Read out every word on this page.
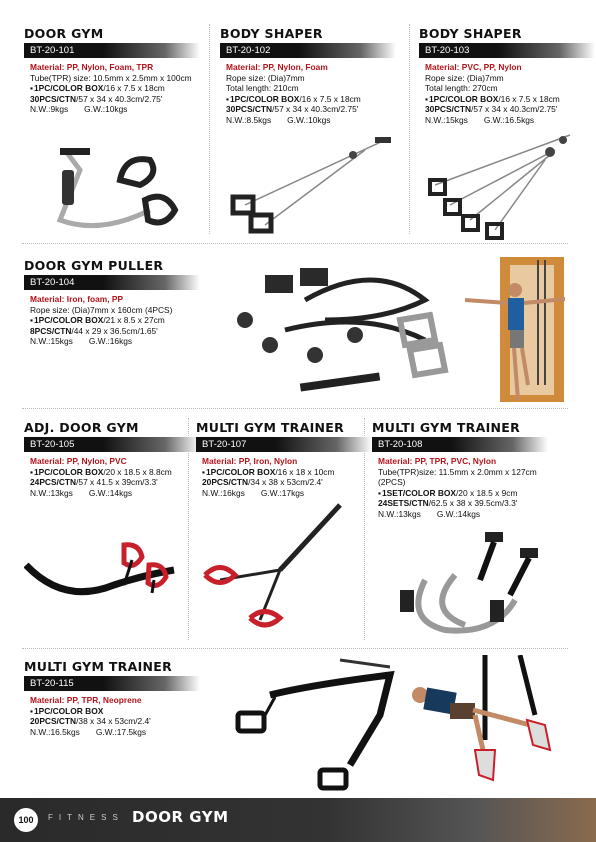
DOOR GYM
BT-20-101
Material: PP, Nylon, Foam, TPR
Tube(TPR) size: 10.5mm x 2.5mm x 100cm
▪ 1PC/COLOR BOX/16 x 7.5 x 18cm
30PCS/CTN/57 x 34 x 40.3cm/2.75'
N.W.:9kgs G.W.:10kgs
BODY SHAPER
BT-20-102
Material: PP, Nylon, Foam
Rope size: (Dia)7mm
Total length: 210cm
▪ 1PC/COLOR BOX/16 x 7.5 x 18cm
30PCS/CTN/57 x 34 x 40.3cm/2.75'
N.W.:8.5kgs G.W.:10kgs
BODY SHAPER
BT-20-103
Material: PVC, PP, Nylon
Rope size: (Dia)7mm
Total length: 270cm
▪ 1PC/COLOR BOX/16 x 7.5 x 18cm
30PCS/CTN/57 x 34 x 40.3cm/2.75'
N.W.:15kgs G.W.:16.5kgs
DOOR GYM PULLER
BT-20-104
Material: Iron, foam, PP
Rope size: (Dia)7mm x 160cm (4PCS)
▪ 1PC/COLOR BOX/21 x 8.5 x 27cm
8PCS/CTN/44 x 29 x 36.5cm/1.65'
N.W.:15kgs G.W.:16kgs
ADJ. DOOR GYM
BT-20-105
Material: PP, Nylon, PVC
▪ 1PC/COLOR BOX/20 x 18.5 x 8.8cm
24PCS/CTN/57 x 41.5 x 39cm/3.3'
N.W.:13kgs G.W.:14kgs
MULTI GYM TRAINER
BT-20-107
Material: PP, Iron, Nylon
▪ 1PC/COLOR BOX/16 x 18 x 10cm
20PCS/CTN/34 x 38 x 53cm/2.4'
N.W.:16kgs G.W.:17kgs
MULTI GYM TRAINER
BT-20-108
Material: PP, TPR, PVC, Nylon
Tube(TPR)size: 11.5mm x 2.0mm x 127cm
(2PCS)
▪ 1SET/COLOR BOX/20 x 18.5 x 9cm
24SETS/CTN/62.5 x 38 x 39.5cm/3.3'
N.W.:13kgs G.W.:14kgs
MULTI GYM TRAINER
BT-20-115
Material: PP, TPR, Neoprene
▪ 1PC/COLOR BOX
20PCS/CTN/38 x 34 x 53cm/2.4'
N.W.:16.5kgs G.W.:17.5kgs
100	FITNESS DOOR GYM
